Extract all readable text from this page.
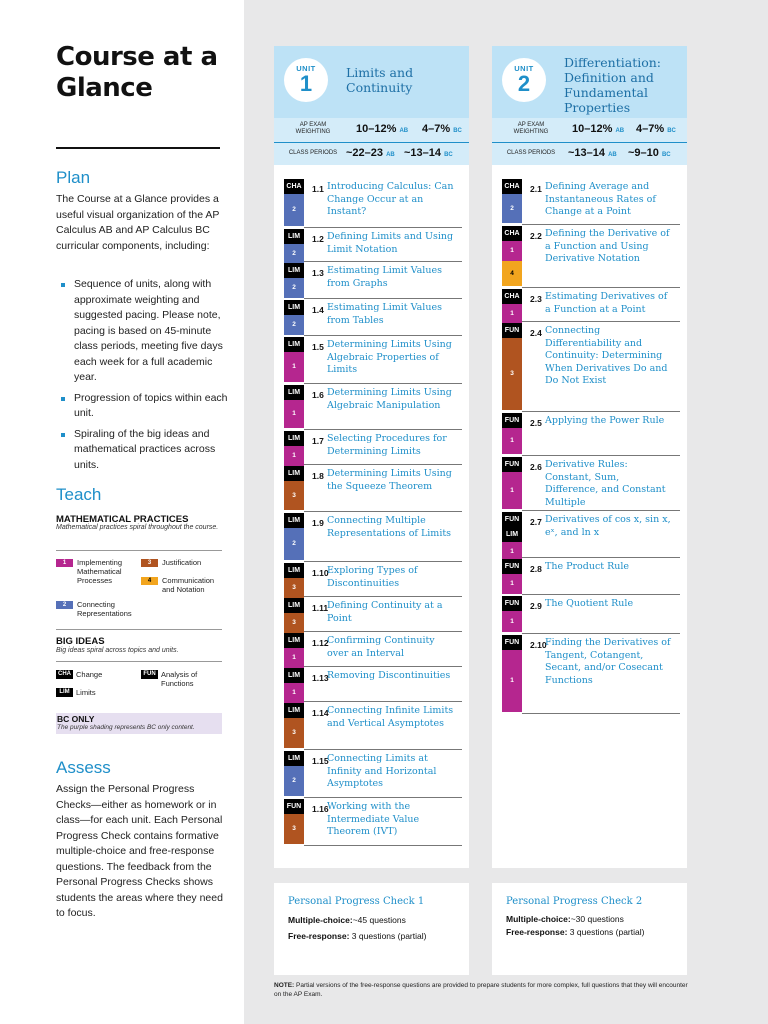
Course at a Glance
Plan
The Course at a Glance provides a useful visual organization of the AP Calculus AB and AP Calculus BC curricular components, including:
Sequence of units, along with approximate weighting and suggested pacing. Please note, pacing is based on 45-minute class periods, meeting five days each week for a full academic year.
Progression of topics within each unit.
Spiraling of the big ideas and mathematical practices across units.
Teach
MATHEMATICAL PRACTICES
Mathematical practices spiral throughout the course.
1	Implementing Mathematical Processes
3	Justification
2	Connecting Representations
4	Communication and Notation
BIG IDEAS
Big ideas spiral across topics and units.
CHA Change	FUN Analysis of Functions
LIM Limits
BC ONLY
The purple shading represents BC only content.
Assess
Assign the Personal Progress Checks—either as homework or in class—for each unit. Each Personal Progress Check contains formative multiple-choice and free-response questions. The feedback from the Personal Progress Checks shows students the areas where they need to focus.
UNIT
1	Limits and Continuity
AP EXAM WEIGHTING	10–12% AB 4–7% BC
CLASS PERIODS ~22–23 AB ~13–14 BC
CHA
2
1.1 Introducing Calculus: Can Change Occur at an Instant?
LIM
2
1.2 Defining Limits and Using Limit Notation
LIM
2
1.3 Estimating Limit Values from Graphs
LIM
2
1.4 Estimating Limit Values from Tables
LIM
1
1.5 Determining Limits Using Algebraic Properties of Limits
LIM
1
1.6 Determining Limits Using Algebraic Manipulation
LIM
1
1.7 Selecting Procedures for Determining Limits
LIM
3
1.8 Determining Limits Using the Squeeze Theorem
LIM
2
1.9 Connecting Multiple Representations of Limits
LIM
3
1.10
Exploring Types of Discontinuities
LIM
3
1.11
Defining Continuity at a Point
LIM
1
1.12
Confirming Continuity over an Interval
LIM
1
1.13
Removing Discontinuities
LIM
3
1.14
Connecting Infinite Limits and Vertical Asymptotes
LIM
2
1.15
Connecting Limits at Infinity and Horizontal Asymptotes
FUN
3
1.16
Working with the Intermediate Value Theorem (IVT)
Personal Progress Check 1
Multiple-choice:~45 questions
Free-response: 3 questions (partial)
UNIT
2
Differentiation: Definition and Fundamental Properties
AP EXAM WEIGHTING	10–12% AB 4–7% BC
CLASS PERIODS	~13–14 AB ~9–10 BC
CHA
2
2.1 Defining Average and Instantaneous Rates of Change at a Point
CHA
1
4
2.2 Defining the Derivative of a Function and Using Derivative Notation
CHA
1
2.3 Estimating Derivatives of a Function at a Point
FUN
3
2.4 Connecting Differentiability and Continuity: Determining When Derivatives Do and Do Not Exist
FUN
1
2.5 Applying the Power Rule
FUN
1
2.6 Derivative Rules: Constant, Sum, Difference, and Constant Multiple
FUN
LIM
1
2.7 Derivatives of cos x, sin x, eˣ, and ln x
FUN
1
2.8 The Product Rule
FUN
1
2.9 The Quotient Rule
FUN
1
2.10
Finding the Derivatives of Tangent, Cotangent, Secant, and/or Cosecant Functions
Personal Progress Check 2
Multiple-choice:~30 questions
Free-response: 3 questions (partial)
NOTE: Partial versions of the free-response questions are provided to prepare students for more complex, full questions that they will encounter on the AP Exam.
